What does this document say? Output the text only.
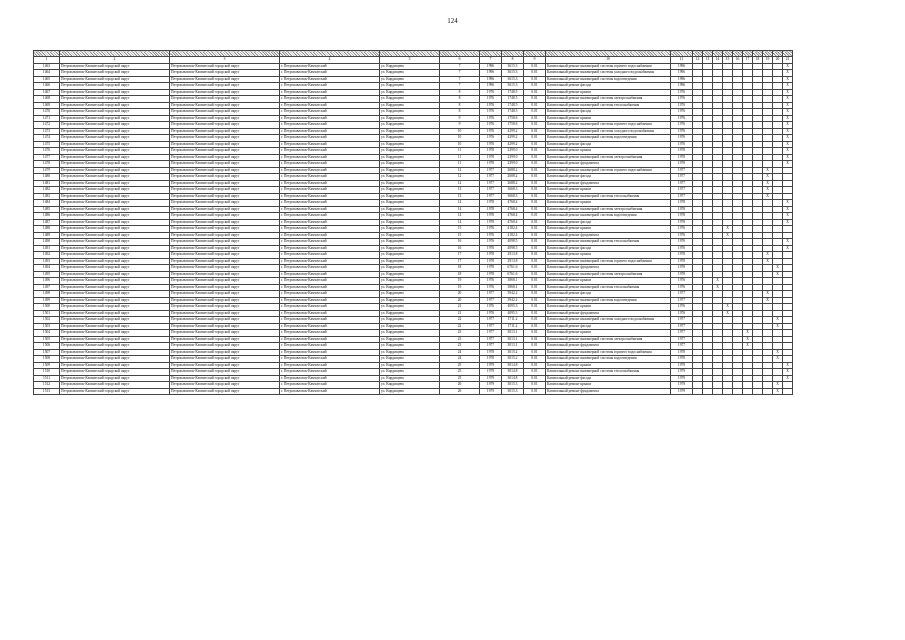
124

1	2	3	4	5	6	7	8	9	10	11	12	13	14	15	16	17	18	19	20	21
1463	Петропавловск-Камчатский городской округ	Петропавловск-Камчатский городской округ	г. Петропавловск-Камчатский	ул. Кирдищева	7	1996	3615.3	0.01	Капитальный ремонт инженерной системы горячего водоснабжения	1996										X
1464	Петропавловск-Камчатский городской округ	Петропавловск-Камчатский городской округ	г. Петропавловск-Камчатский	ул. Кирдищева	7	1996	3615.3	0.01	Капитальный ремонт инженерной системы холодного водоснабжения	1996										X
1465	Петропавловск-Камчатский городской округ	Петропавловск-Камчатский городской округ	г. Петропавловск-Камчатский	ул. Кирдищева	7	1996	3615.3	0.01	Капитальный ремонт инженерной системы водоотведения	1996										X
1466	Петропавловск-Камчатский городской округ	Петропавловск-Камчатский городской округ	г. Петропавловск-Камчатский	ул. Кирдищева	7	1996	3615.3	0.01	Капитальный ремонт фасада	1996										X
1467	Петропавловск-Камчатский городской округ	Петропавловск-Камчатский городской округ	г. Петропавловск-Камчатский	ул. Кирдищева	8	1976	1748.5	0.01	Капитальный ремонт крыши	1976										X
1468	Петропавловск-Камчатский городской округ	Петропавловск-Камчатский городской округ	г. Петропавловск-Камчатский	ул. Кирдищева	8	1976	1748.5	0.01	Капитальный ремонт инженерной системы электроснабжения	1976										X
1469	Петропавловск-Камчатский городской округ	Петропавловск-Камчатский городской округ	г. Петропавловск-Камчатский	ул. Кирдищева	8	1976	1748.5	0.01	Капитальный ремонт инженерной системы теплоснабжения	1976										X
1470	Петропавловск-Камчатский городской округ	Петропавловск-Камчатский городской округ	г. Петропавловск-Камчатский	ул. Кирдищева	8	1976	1748.5	0.01	Капитальный ремонт фасада	1976										X
1471	Петропавловск-Камчатский городской округ	Петропавловск-Камчатский городской округ	г. Петропавловск-Камчатский	ул. Кирдищева	9	1976	1758.6	0.01	Капитальный ремонт крыши	1976										X
1472	Петропавловск-Камчатский городской округ	Петропавловск-Камчатский городской округ	г. Петропавловск-Камчатский	ул. Кирдищева	9	1976	1758.6	0.01	Капитальный ремонт инженерной системы горячего водоснабжения	1976										X
1473	Петропавловск-Камчатский городской округ	Петропавловск-Камчатский городской округ	г. Петропавловск-Камчатский	ул. Кирдищева	10	1976	4299.2	0.01	Капитальный ремонт инженерной системы холодного водоснабжения	1976										X
1474	Петропавловск-Камчатский городской округ	Петропавловск-Камчатский городской округ	г. Петропавловск-Камчатский	ул. Кирдищева	10	1976	4299.2	0.01	Капитальный ремонт инженерной системы водоотведения	1976										X
1475	Петропавловск-Камчатский городской округ	Петропавловск-Камчатский городской округ	г. Петропавловск-Камчатский	ул. Кирдищева	10	1976	4299.2	0.01	Капитальный ремонт фасада	1976										X
1476	Петропавловск-Камчатский городской округ	Петропавловск-Камчатский городской округ	г. Петропавловск-Камчатский	ул. Кирдищева	11	1978	2399.0	0.01	Капитальный ремонт крыши	1978										X
1477	Петропавловск-Камчатский городской округ	Петропавловск-Камчатский городской округ	г. Петропавловск-Камчатский	ул. Кирдищева	11	1978	2399.0	0.01	Капитальный ремонт инженерной системы электроснабжения	1978										X
1478	Петропавловск-Камчатский городской округ	Петропавловск-Камчатский городской округ	г. Петропавловск-Камчатский	ул. Кирдищева	11	1978	2399.0	0.01	Капитальный ремонт фундамента	1978										X
1479	Петропавловск-Камчатский городской округ	Петропавловск-Камчатский городской округ	г. Петропавловск-Камчатский	ул. Кирдищева	12	1977	2688.2	0.01	Капитальный ремонт инженерной системы горячего водоснабжения	1977								X		
1480	Петропавловск-Камчатский городской округ	Петропавловск-Камчатский городской округ	г. Петропавловск-Камчатский	ул. Кирдищева	12	1977	2688.2	0.01	Капитальный ремонт фасада	1977								X		
1481	Петропавловск-Камчатский городской округ	Петропавловск-Камчатский городской округ	г. Петропавловск-Камчатский	ул. Кирдищева	12	1977	2688.2	0.01	Капитальный ремонт фундамента	1977								X		
1482	Петропавловск-Камчатский городской округ	Петропавловск-Камчатский городской округ	г. Петропавловск-Камчатский	ул. Кирдищева	13	1977	3668.3	0.01	Капитальный ремонт крыши	1977								X		
1483	Петропавловск-Камчатский городской округ	Петропавловск-Камчатский городской округ	г. Петропавловск-Камчатский	ул. Кирдищева	13	1977	3668.3	0.01	Капитальный ремонт инженерной системы теплоснабжения	1977								X		
1484	Петропавловск-Камчатский городской округ	Петропавловск-Камчатский городской округ	г. Петропавловск-Камчатский	ул. Кирдищева	14	1978	4768.4	0.01	Капитальный ремонт крыши	1978										X
1485	Петропавловск-Камчатский городской округ	Петропавловск-Камчатский городской округ	г. Петропавловск-Камчатский	ул. Кирдищева	14	1978	4768.4	0.01	Капитальный ремонт инженерной системы электроснабжения	1978										X
1486	Петропавловск-Камчатский городской округ	Петропавловск-Камчатский городской округ	г. Петропавловск-Камчатский	ул. Кирдищева	14	1978	4768.4	0.01	Капитальный ремонт инженерной системы водоотведения	1978										X
1487	Петропавловск-Камчатский городской округ	Петропавловск-Камчатский городской округ	г. Петропавловск-Камчатский	ул. Кирдищева	14	1978	4768.4	0.01	Капитальный ремонт фасада	1978										X
1488	Петропавловск-Камчатский городской округ	Петропавловск-Камчатский городской округ	г. Петропавловск-Камчатский	ул. Кирдищева	15	1976	4182.4	0.01	Капитальный ремонт крыши	1976				X						
1489	Петропавловск-Камчатский городской округ	Петропавловск-Камчатский городской округ	г. Петропавловск-Камчатский	ул. Кирдищева	15	1976	4182.4	0.01	Капитальный ремонт фундамента	1976				X						
1490	Петропавловск-Камчатский городской округ	Петропавловск-Камчатский городской округ	г. Петропавловск-Камчатский	ул. Кирдищева	16	1976	4098.5	0.01	Капитальный ремонт инженерной системы теплоснабжения	1976										X
1491	Петропавловск-Камчатский городской округ	Петропавловск-Камчатский городской округ	г. Петропавловск-Камчатский	ул. Кирдищева	16	1976	4098.5	0.01	Капитальный ремонт фасада	1976										X
1492	Петропавловск-Камчатский городской округ	Петропавловск-Камчатский городской округ	г. Петропавловск-Камчатский	ул. Кирдищева	17	1978	2913.8	0.01	Капитальный ремонт крыши	1978								X		
1493	Петропавловск-Камчатский городской округ	Петропавловск-Камчатский городской округ	г. Петропавловск-Камчатский	ул. Кирдищева	17	1978	2913.8	0.01	Капитальный ремонт инженерной системы горячего водоснабжения	1978								X		
1494	Петропавловск-Камчатский городской округ	Петропавловск-Камчатский городской округ	г. Петропавловск-Камчатский	ул. Кирдищева	18	1978	6761.6	0.01	Капитальный ремонт фундамента	1978									X	
1495	Петропавловск-Камчатский городской округ	Петропавловск-Камчатский городской округ	г. Петропавловск-Камчатский	ул. Кирдищева	18	1978	6761.6	0.01	Капитальный ремонт инженерной системы электроснабжения	1978									X	
1496	Петропавловск-Камчатский городской округ	Петропавловск-Камчатский городской округ	г. Петропавловск-Камчатский	ул. Кирдищева	19	1976	3868.1	0.01	Капитальный ремонт крыши	1976			X							
1497	Петропавловск-Камчатский городской округ	Петропавловск-Камчатский городской округ	г. Петропавловск-Камчатский	ул. Кирдищева	19	1976	3868.1	0.01	Капитальный ремонт инженерной системы теплоснабжения	1976			X							
1498	Петропавловск-Камчатский городской округ	Петропавловск-Камчатский городской округ	г. Петропавловск-Камчатский	ул. Кирдищева	20	1977	3942.2	0.01	Капитальный ремонт фасада	1977								X		
1499	Петропавловск-Камчатский городской округ	Петропавловск-Камчатский городской округ	г. Петропавловск-Камчатский	ул. Кирдищева	20	1977	3942.2	0.01	Капитальный ремонт инженерной системы водоотведения	1977								X		
1500	Петропавловск-Камчатский городской округ	Петропавловск-Камчатский городской округ	г. Петропавловск-Камчатский	ул. Кирдищева	21	1976	4095.3	0.01	Капитальный ремонт крыши	1976				X						
1501	Петропавловск-Камчатский городской округ	Петропавловск-Камчатский городской округ	г. Петропавловск-Камчатский	ул. Кирдищева	21	1976	4095.3	0.01	Капитальный ремонт фундамента	1976				X						
1502	Петропавловск-Камчатский городской округ	Петропавловск-Камчатский городской округ	г. Петропавловск-Камчатский	ул. Кирдищева	22	1977	1711.2	0.01	Капитальный ремонт инженерной системы холодного водоснабжения	1977									X	
1503	Петропавловск-Камчатский городской округ	Петропавловск-Камчатский городской округ	г. Петропавловск-Камчатский	ул. Кирдищева	22	1977	1711.2	0.01	Капитальный ремонт фасада	1977									X	
1504	Петропавловск-Камчатский городской округ	Петропавловск-Камчатский городской округ	г. Петропавловск-Камчатский	ул. Кирдищева	23	1977	3013.1	0.01	Капитальный ремонт крыши	1977						X				
1505	Петропавловск-Камчатский городской округ	Петропавловск-Камчатский городской округ	г. Петропавловск-Камчатский	ул. Кирдищева	23	1977	3013.1	0.01	Капитальный ремонт инженерной системы электроснабжения	1977						X				
1506	Петропавловск-Камчатский городской округ	Петропавловск-Камчатский городской округ	г. Петропавловск-Камчатский	ул. Кирдищева	23	1977	3013.1	0.01	Капитальный ремонт фундамента	1977						X				
1507	Петропавловск-Камчатский городской округ	Петропавловск-Камчатский городской округ	г. Петропавловск-Камчатский	ул. Кирдищева	24	1978	3015.2	0.01	Капитальный ремонт инженерной системы горячего водоснабжения	1978									X	
1508	Петропавловск-Камчатский городской округ	Петропавловск-Камчатский городской округ	г. Петропавловск-Камчатский	ул. Кирдищева	24	1978	3015.2	0.01	Капитальный ремонт инженерной системы водоотведения	1978									X	
1509	Петропавловск-Камчатский городской округ	Петропавловск-Камчатский городской округ	г. Петропавловск-Камчатский	ул. Кирдищева	25	1979	3014.8	0.01	Капитальный ремонт крыши	1979										X
1510	Петропавловск-Камчатский городской округ	Петропавловск-Камчатский городской округ	г. Петропавловск-Камчатский	ул. Кирдищева	25	1979	3014.8	0.01	Капитальный ремонт инженерной системы теплоснабжения	1979										X
1511	Петропавловск-Камчатский городской округ	Петропавловск-Камчатский городской округ	г. Петропавловск-Камчатский	ул. Кирдищева	25	1979	3014.8	0.01	Капитальный ремонт фасада	1979										X
1512	Петропавловск-Камчатский городской округ	Петропавловск-Камчатский городской округ	г. Петропавловск-Камчатский	ул. Кирдищева	26	1979	3015.3	0.01	Капитальный ремонт крыши	1979									X	
1513	Петропавловск-Камчатский городской округ	Петропавловск-Камчатский городской округ	г. Петропавловск-Камчатский	ул. Кирдищева	26	1979	3015.3	0.01	Капитальный ремонт фундамента	1979									X	
